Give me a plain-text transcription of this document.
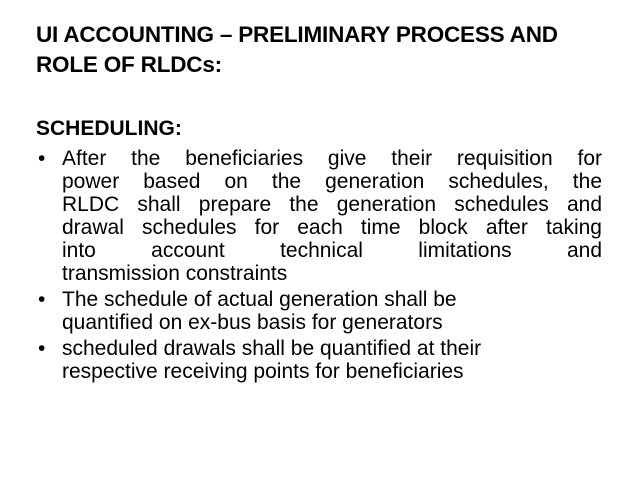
UI ACCOUNTING – PRELIMINARY PROCESS AND
ROLE OF RLDCs:
SCHEDULING:
• After the beneficiaries give their requisition for
power based on the generation schedules, the
RLDC shall prepare the generation schedules and
drawal schedules for each time block after taking
into account technical limitations and
transmission constraints
• The schedule of actual generation shall be
quantified on ex-bus basis for generators
• scheduled drawals shall be quantified at their
respective receiving points for beneficiaries
